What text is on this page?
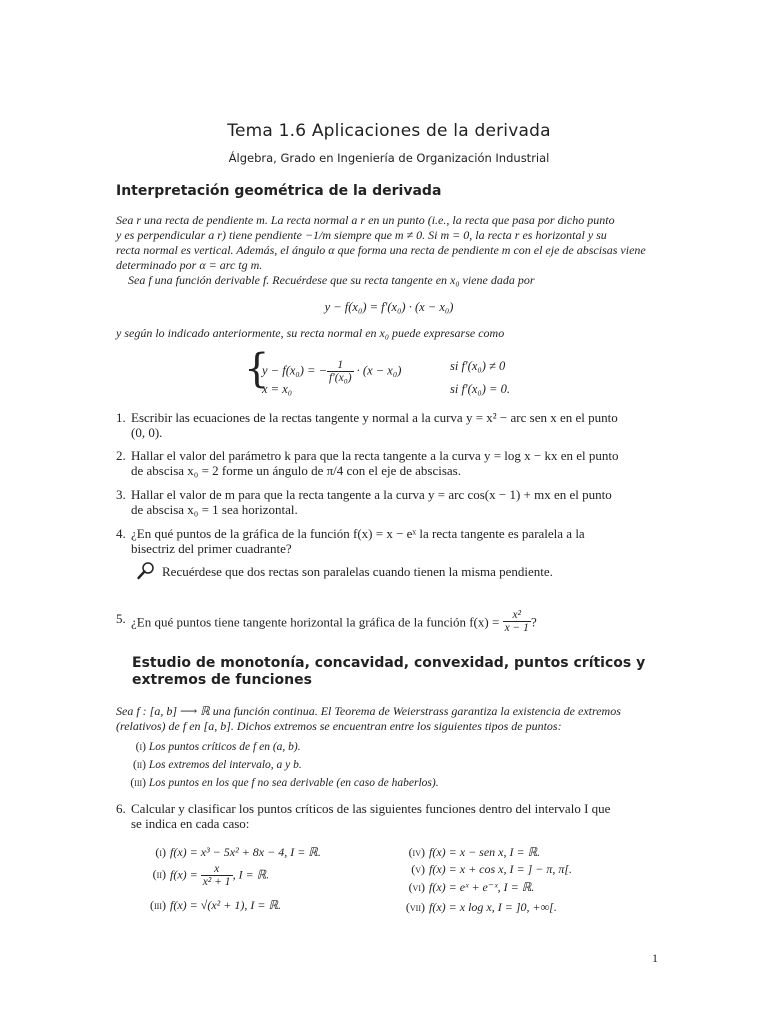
Tema 1.6 Aplicaciones de la derivada
Álgebra, Grado en Ingeniería de Organización Industrial
Interpretación geométrica de la derivada
Sea r una recta de pendiente m. La recta normal a r en un punto (i.e., la recta que pasa por dicho punto
y es perpendicular a r) tiene pendiente −1/m siempre que m ≠ 0. Si m = 0, la recta r es horizontal y su
recta normal es vertical. Además, el ángulo α que forma una recta de pendiente m con el eje de abscisas viene
determinado por α = arc tg m.
Sea f una función derivable f. Recuérdese que su recta tangente en x₀ viene dada por
y − f(x₀) = f′(x₀) · (x − x₀)
y según lo indicado anteriormente, su recta normal en x₀ puede expresarse como
{
y − f(x₀) = − $\frac{1}{\text{f′(x₀)}} \cdot (x - x_0)$	si f′(x₀) ≠ 0
x = x₀	si f′(x₀) = 0.
1. Escribir las ecuaciones de la rectas tangente y normal a la curva y = x² − arc sen x en el punto
(0, 0).
2. Hallar el valor del parámetro k para que la recta tangente a la curva y = log x − kx en el punto
de abscisa x₀ = 2 forme un ángulo de π/4 con el eje de abscisas.
3. Hallar el valor de m para que la recta tangente a la curva y = arc cos(x − 1) + mx en el punto
de abscisa x₀ = 1 sea horizontal.
4. ¿En qué puntos de la gráfica de la función f(x) = x − eˣ la recta tangente es paralela a la
bisectriz del primer cuadrante?
Recuérdese que dos rectas son paralelas cuando tienen la misma pendiente.
5. ¿En qué puntos tiene tangente horizontal la gráfica de la función $f(x) = \frac{\text{x²}}{x - 1}$ ?
Estudio de monotonía, concavidad, convexidad, puntos críticos y extremos de funciones
Sea f : [a, b] ⟶ ℝ una función continua. El Teorema de Weierstrass garantiza la existencia de extremos
(relativos) de f en [a, b]. Dichos extremos se encuentran entre los siguientes tipos de puntos:
(i) Los puntos críticos de f en (a, b).
(ii) Los extremos del intervalo, a y b.
(iii) Los puntos en los que f no sea derivable (en caso de haberlos).
6. Calcular y clasificar los puntos críticos de las siguientes funciones dentro del intervalo I que
se indica en cada caso:
(i) f(x) = x³ − 5x² + 8x − 4, I = ℝ.
(ii) $f(x) = \frac{x}{\text{x² + 1}}$ , I = ℝ.
(iii) f(x) = √(x² + 1), I = ℝ.
(iv) f(x) = x − sen x, I = ℝ.
(v) f(x) = x + cos x, I = ] − π, π[.
(vi) f(x) = eˣ + e⁻ˣ, I = ℝ.
(vii) f(x) = x log x, I = ]0, +∞[.
1
